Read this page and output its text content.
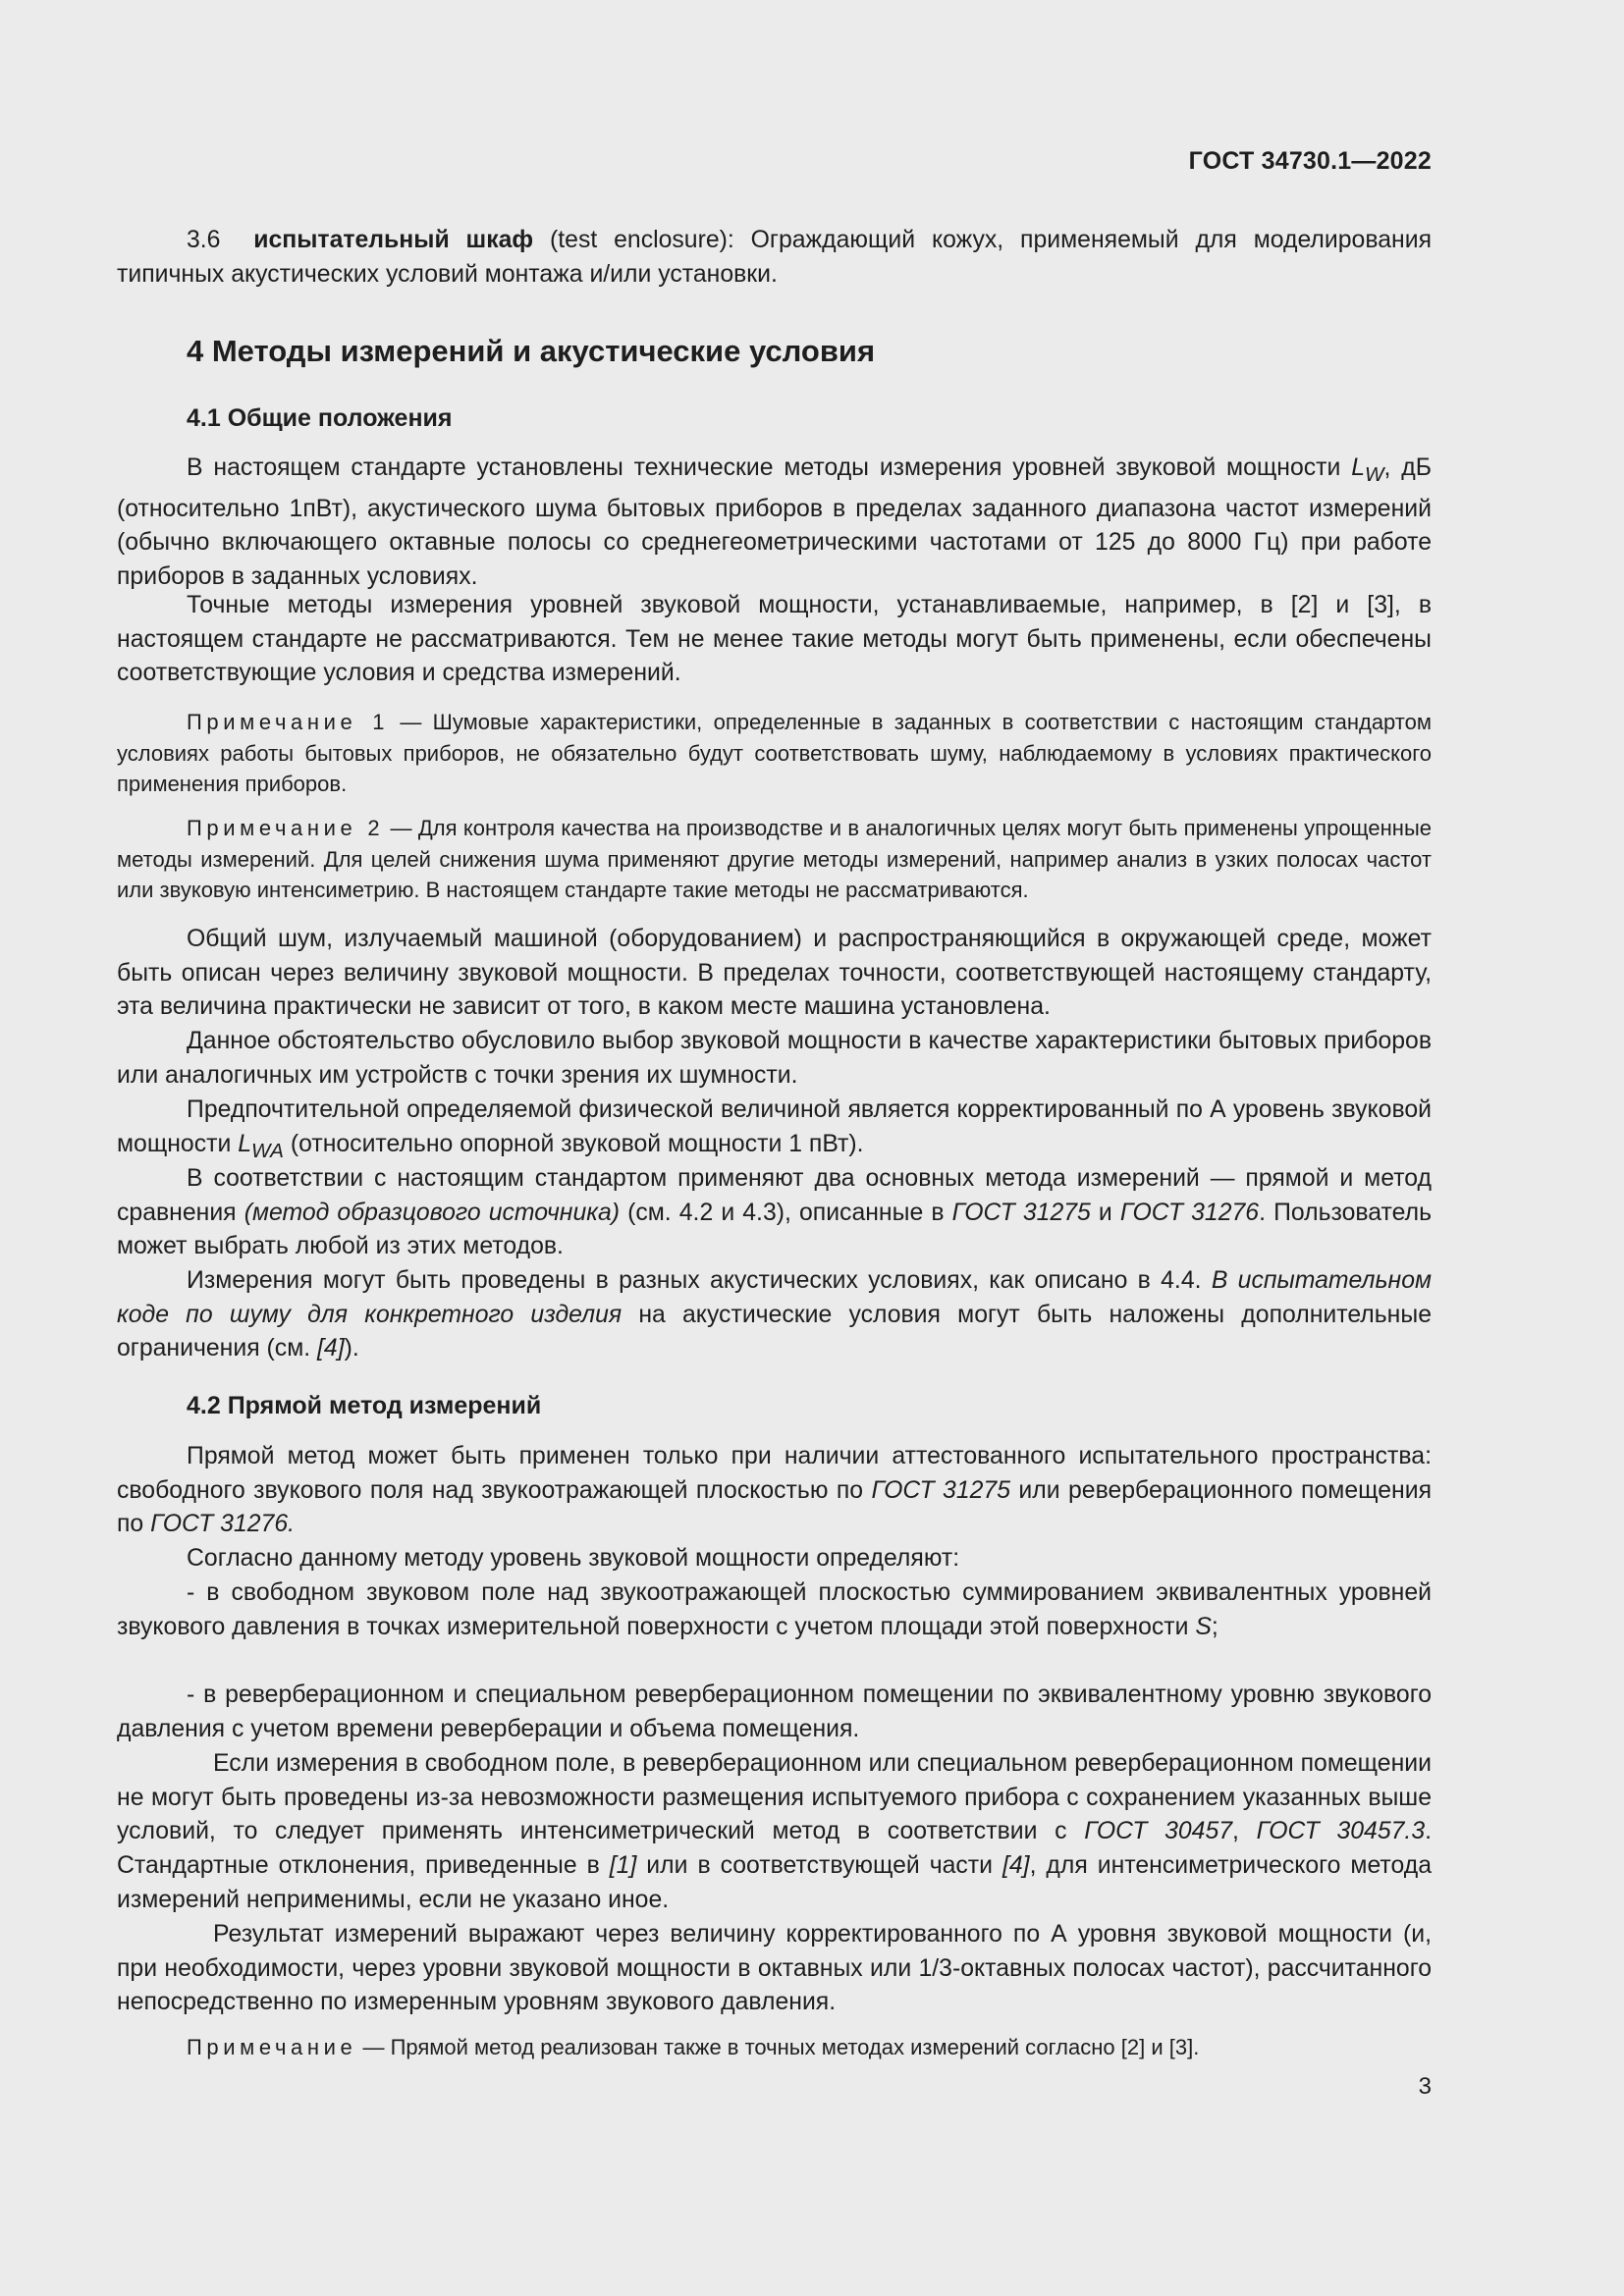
ГОСТ 34730.1—2022

3.6 испытательный шкаф (test enclosure): Ограждающий кожух, применяемый для моделирования типичных акустических условий монтажа и/или установки.

4 Методы измерений и акустические условия
4.1 Общие положения

В настоящем стандарте установлены технические методы измерения уровней звуковой мощности $L_W$, дБ (относительно 1пВт), акустического шума бытовых приборов в пределах заданного диапазона частот измерений (обычно включающего октавные полосы со среднегеометрическими частотами от 125 до 8000 Гц) при работе приборов в заданных условиях.

Точные методы измерения уровней звуковой мощности, устанавливаемые, например, в [2] и [3], в настоящем стандарте не рассматриваются. Тем не менее такие методы могут быть применены, если обеспечены соответствующие условия и средства измерений.

Примечание 1 — Шумовые характеристики, определенные в заданных в соответствии с настоящим стандартом условиях работы бытовых приборов, не обязательно будут соответствовать шуму, наблюдаемому в условиях практического применения приборов.

Примечание 2 — Для контроля качества на производстве и в аналогичных целях могут быть применены упрощенные методы измерений. Для целей снижения шума применяют другие методы измерений, например анализ в узких полосах частот или звуковую интенсиметрию. В настоящем стандарте такие методы не рассматриваются.

Общий шум, излучаемый машиной (оборудованием) и распространяющийся в окружающей среде, может быть описан через величину звуковой мощности. В пределах точности, соответствующей настоящему стандарту, эта величина практически не зависит от того, в каком месте машина установлена.

Данное обстоятельство обусловило выбор звуковой мощности в качестве характеристики бытовых приборов или аналогичных им устройств с точки зрения их шумности.

Предпочтительной определяемой физической величиной является корректированный по А уровень звуковой мощности $L_{WA}$ (относительно опорной звуковой мощности 1 пВт).

В соответствии с настоящим стандартом применяют два основных метода измерений — прямой и метод сравнения (метод образцового источника) (см. 4.2 и 4.3), описанные в ГОСТ 31275 и ГОСТ 31276. Пользователь может выбрать любой из этих методов.

Измерения могут быть проведены в разных акустических условиях, как описано в 4.4. В испытательном коде по шуму для конкретного изделия на акустические условия могут быть наложены дополнительные ограничения (см. [4]).

4.2 Прямой метод измерений

Прямой метод может быть применен только при наличии аттестованного испытательного пространства: свободного звукового поля над звукоотражающей плоскостью по ГОСТ 31275 или реверберационного помещения по ГОСТ 31276.

Согласно данному методу уровень звуковой мощности определяют:

- в свободном звуковом поле над звукоотражающей плоскостью суммированием эквивалентных уровней звукового давления в точках измерительной поверхности с учетом площади этой поверхности S;

- в реверберационном и специальном реверберационном помещении по эквивалентному уровню звукового давления с учетом времени реверберации и объема помещения.

Если измерения в свободном поле, в реверберационном или специальном реверберационном помещении не могут быть проведены из-за невозможности размещения испытуемого прибора с сохранением указанных выше условий, то следует применять интенсиметрический метод в соответствии с ГОСТ 30457, ГОСТ 30457.3. Стандартные отклонения, приведенные в [1] или в соответствующей части [4], для интенсиметрического метода измерений неприменимы, если не указано иное.

Результат измерений выражают через величину корректированного по А уровня звуковой мощности (и, при необходимости, через уровни звуковой мощности в октавных или 1/3-октавных полосах частот), рассчитанного непосредственно по измеренным уровням звукового давления.

Примечание — Прямой метод реализован также в точных методах измерений согласно [2] и [3].

3
